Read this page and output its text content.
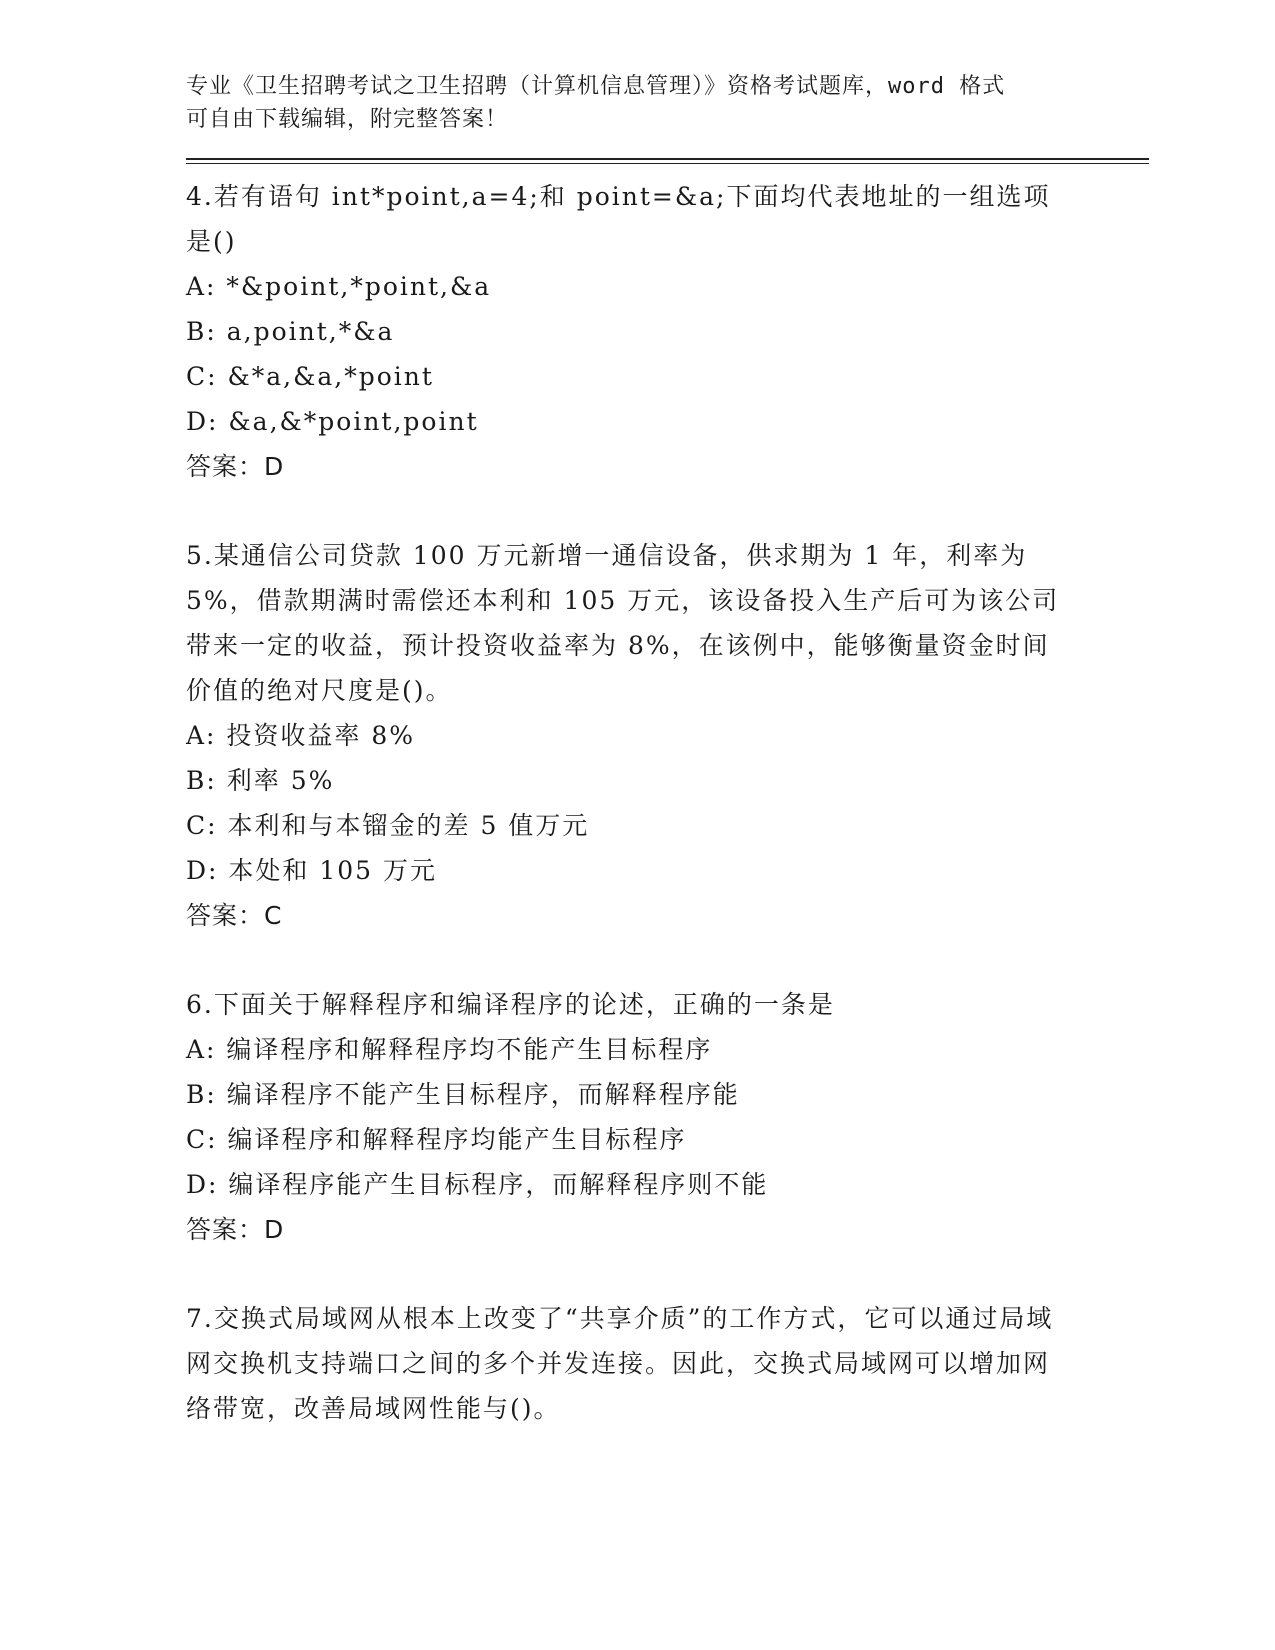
专业《卫生招聘考试之卫生招聘（计算机信息管理）》资格考试题库，word 格式
可自由下载编辑，附完整答案！
4.若有语句 int*point,a=4;和 point=&a;下面均代表地址的一组选项是()
A: *&point,*point,&a
B: a,point,*&a
C: &*a,&a,*point
D: &a,&*point,point
答案：D
5.某通信公司贷款 100 万元新增一通信设备，供求期为 1 年，利率为 5%，借款期满时需偿还本利和 105 万元，该设备投入生产后可为该公司带来一定的收益，预计投资收益率为 8%，在该例中，能够衡量资金时间价值的绝对尺度是()。
A: 投资收益率 8%
B: 利率 5%
C: 本利和与本镏金的差 5 值万元
D: 本处和 105 万元
答案：C
6.下面关于解释程序和编译程序的论述，正确的一条是
A: 编译程序和解释程序均不能产生目标程序
B: 编译程序不能产生目标程序，而解释程序能
C: 编译程序和解释程序均能产生目标程序
D: 编译程序能产生目标程序，而解释程序则不能
答案：D
7.交换式局域网从根本上改变了“共享介质”的工作方式，它可以通过局域网交换机支持端口之间的多个并发连接。因此，交换式局域网可以增加网络带宽，改善局域网性能与()。
